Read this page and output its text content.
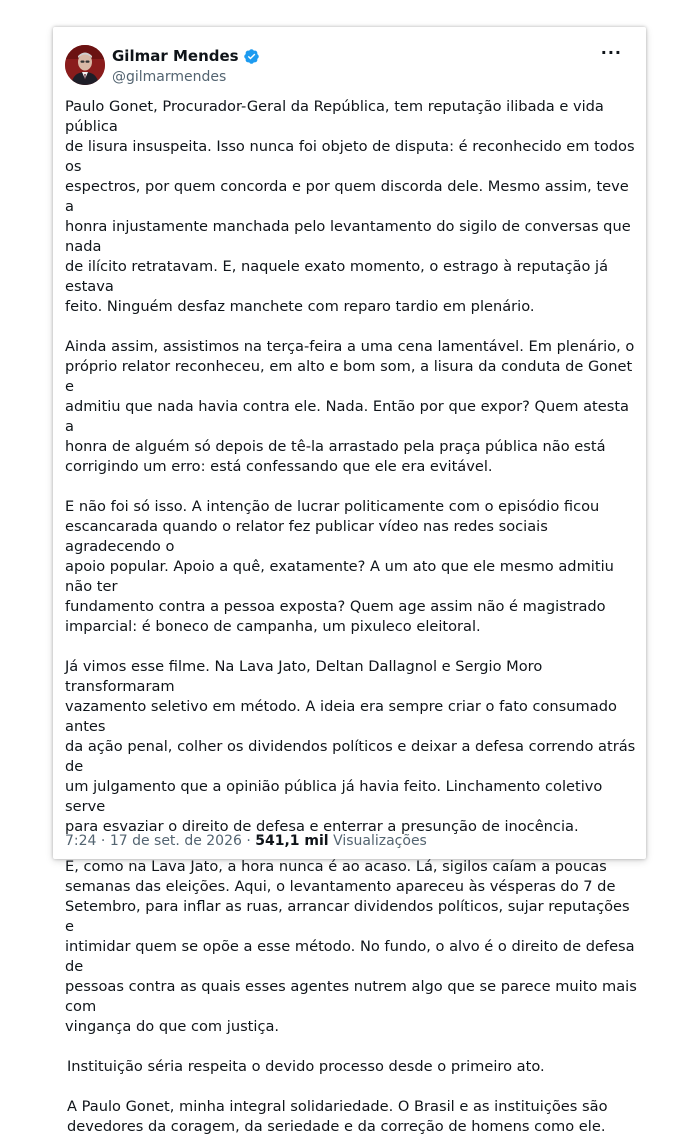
Gilmar Mendes
@gilmarmendes
···

Paulo Gonet, Procurador-Geral da República, tem reputação ilibada e vida pública
de lisura insuspeita. Isso nunca foi objeto de disputa: é reconhecido em todos os
espectros, por quem concorda e por quem discorda dele. Mesmo assim, teve a
honra injustamente manchada pelo levantamento do sigilo de conversas que nada
de ilícito retratavam. E, naquele exato momento, o estrago à reputação já estava
feito. Ninguém desfaz manchete com reparo tardio em plenário.

Ainda assim, assistimos na terça-feira a uma cena lamentável. Em plenário, o
próprio relator reconheceu, em alto e bom som, a lisura da conduta de Gonet e
admitiu que nada havia contra ele. Nada. Então por que expor? Quem atesta a
honra de alguém só depois de tê-la arrastado pela praça pública não está
corrigindo um erro: está confessando que ele era evitável.

E não foi só isso. A intenção de lucrar politicamente com o episódio ficou
escancarada quando o relator fez publicar vídeo nas redes sociais agradecendo o
apoio popular. Apoio a quê, exatamente? A um ato que ele mesmo admitiu não ter
fundamento contra a pessoa exposta? Quem age assim não é magistrado
imparcial: é boneco de campanha, um pixuleco eleitoral.

Já vimos esse filme. Na Lava Jato, Deltan Dallagnol e Sergio Moro transformaram
vazamento seletivo em método. A ideia era sempre criar o fato consumado antes
da ação penal, colher os dividendos políticos e deixar a defesa correndo atrás de
um julgamento que a opinião pública já havia feito. Linchamento coletivo serve
para esvaziar o direito de defesa e enterrar a presunção de inocência.

E, como na Lava Jato, a hora nunca é ao acaso. Lá, sigilos caíam a poucas
semanas das eleições. Aqui, o levantamento apareceu às vésperas do 7 de
Setembro, para inflar as ruas, arrancar dividendos políticos, sujar reputações e
intimidar quem se opõe a esse método. No fundo, o alvo é o direito de defesa de
pessoas contra as quais esses agentes nutrem algo que se parece muito mais com
vingança do que com justiça.

Instituição séria respeita o devido processo desde o primeiro ato.

A Paulo Gonet, minha integral solidariedade. O Brasil e as instituições são
devedores da coragem, da seriedade e da correção de homens como ele.

7:24 · 17 de set. de 2026 · 541,1 mil Visualizações
